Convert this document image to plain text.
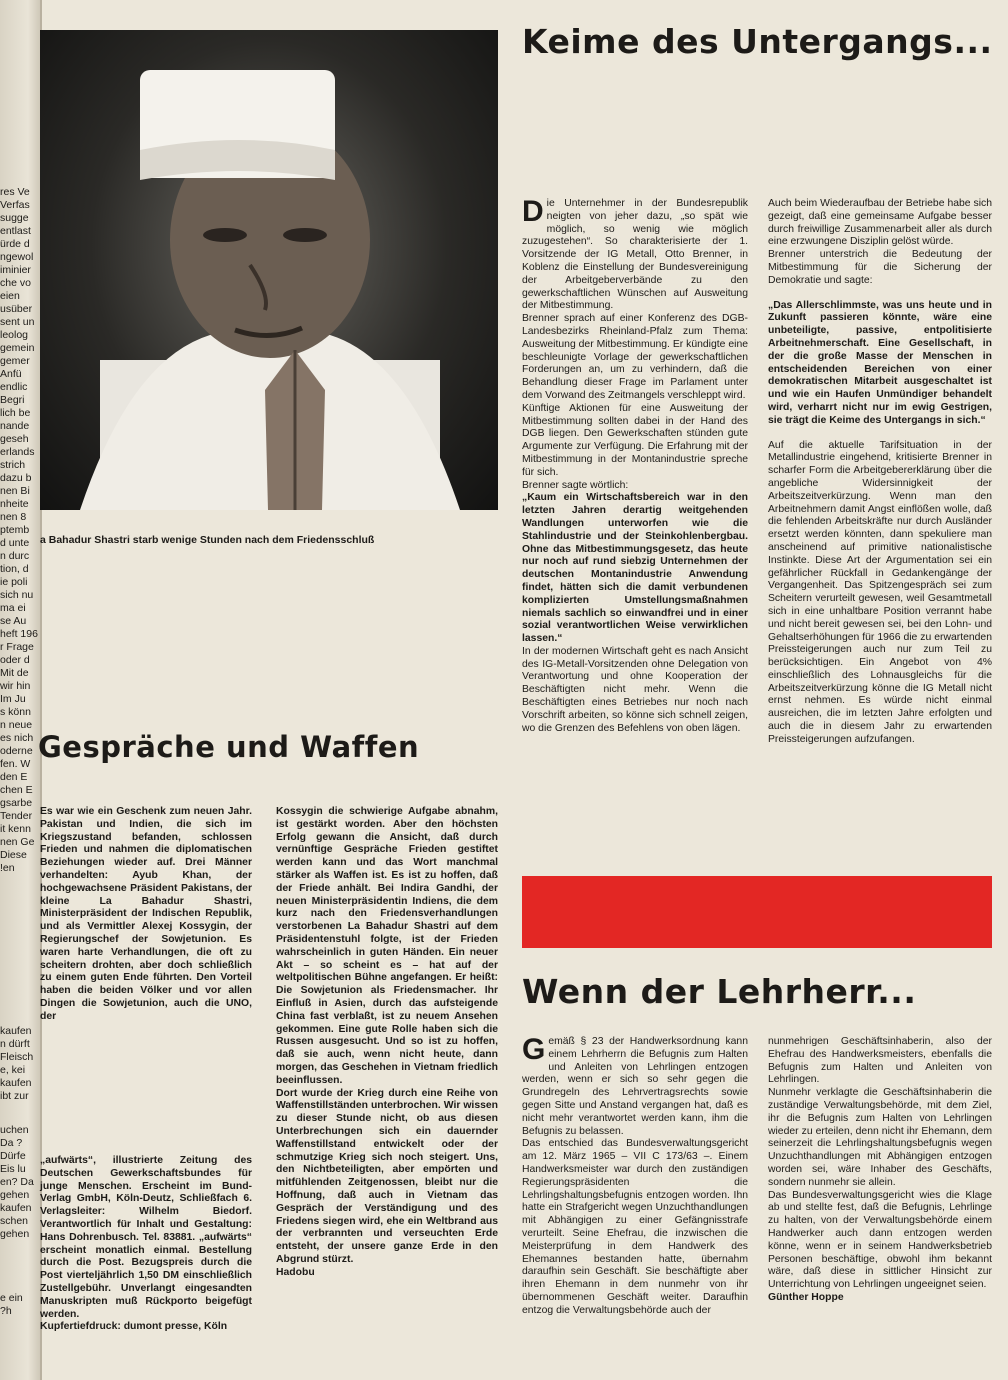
res Ve
Verfas
sugge
entlast
ürde d
ngewol
iminier
che vo
eien
usüber
sent un
leolog
gemein
gemer
Anfü
endlic
Begri
lich be
nande
geseh
erlands
strich
dazu b
nen Bi
nheite
nen 8
ptemb
d unte
n durc
tion, d
ie poli
sich nu
ma ei
se Au
heft 196
r Frage
oder d
Mit de
wir hin
Im Ju
s könn
n neue
es nich
oderne
fen. W
den E
chen E
gsarbe
Tender
it kenn
nen Ge
Diese
en!
kaufen
n dürft
Fleisch
e, kei
kaufen
ibt zur
uchen
? Da
Dürfe
Eis lu
en? Da
gehen
kaufen
schen
gehen
e ein
h?
a Bahadur Shastri starb wenige Stunden nach dem Friedensschluß
Keime des Untergangs...
Gespräche und Waffen
Wenn der Lehrherr...
D ie Unternehmer in der Bundesrepublik neigten von jeher dazu, „so spät wie möglich, so wenig wie möglich zuzugestehen“. So charakterisierte der 1. Vorsitzende der IG Metall, Otto Brenner, in Koblenz die Einstellung der Bundesvereinigung der Arbeitgeberverbände zu den gewerkschaftlichen Wünschen auf Ausweitung der Mitbestimmung.

Brenner sprach auf einer Konferenz des DGB-Landesbezirks Rheinland-Pfalz zum Thema: Ausweitung der Mitbestimmung. Er kündigte eine beschleunigte Vorlage der gewerkschaftlichen Forderungen an, um zu verhindern, daß die Behandlung dieser Frage im Parlament unter dem Vorwand des Zeitmangels verschleppt wird.

Künftige Aktionen für eine Ausweitung der Mitbestimmung sollten dabei in der Hand des DGB liegen. Den Gewerkschaften stünden gute Argumente zur Verfügung. Die Erfahrung mit der Mitbestimmung in der Montanindustrie spreche für sich.

Brenner sagte wörtlich:

„Kaum ein Wirtschaftsbereich war in den letzten Jahren derartig weitgehenden Wandlungen unterworfen wie die Stahlindustrie und der Steinkohlenbergbau. Ohne das Mitbestimmungsgesetz, das heute nur noch auf rund siebzig Unternehmen der deutschen Montanindustrie Anwendung findet, hätten sich die damit verbundenen komplizierten Umstellungsmaßnahmen niemals sachlich so einwandfrei und in einer sozial verantwortlichen Weise verwirklichen lassen.“

In der modernen Wirtschaft geht es nach Ansicht des IG-Metall-Vorsitzenden ohne Delegation von Verantwortung und ohne Kooperation der Beschäftigten nicht mehr. Wenn die Beschäftigten eines Betriebes nur noch nach Vorschrift arbeiten, so könne sich schnell zeigen, wo die Grenzen des Befehlens von oben lägen.

Auch beim Wiederaufbau der Betriebe habe sich gezeigt, daß eine gemeinsame Aufgabe besser durch freiwillige Zusammenarbeit aller als durch eine erzwungene Disziplin gelöst würde.

Brenner unterstrich die Bedeutung der Mitbestimmung für die Sicherung der Demokratie und sagte:

„Das Allerschlimmste, was uns heute und in Zukunft passieren könnte, wäre eine unbeteiligte, passive, entpolitisierte Arbeitnehmerschaft. Eine Gesellschaft, in der die große Masse der Menschen in entscheidenden Bereichen von einer demokratischen Mitarbeit ausgeschaltet ist und wie ein Haufen Unmündiger behandelt wird, verharrt nicht nur im ewig Gestrigen, sie trägt die Keime des Untergangs in sich.“

Auf die aktuelle Tarifsituation in der Metallindustrie eingehend, kritisierte Brenner in scharfer Form die Arbeitgebererklärung über die angebliche Widersinnigkeit der Arbeitszeitverkürzung. Wenn man den Arbeitnehmern damit Angst einflößen wolle, daß die fehlenden Arbeitskräfte nur durch Ausländer ersetzt werden könnten, dann spekuliere man anscheinend auf primitive nationalistische Instinkte. Diese Art der Argumentation sei ein gefährlicher Rückfall in Gedankengänge der Vergangenheit. Das Spitzengespräch sei zum Scheitern verurteilt gewesen, weil Gesamtmetall sich in eine unhaltbare Position verrannt habe und nicht bereit gewesen sei, bei den Lohn- und Gehaltserhöhungen für 1966 die zu erwartenden Preissteigerungen auch nur zum Teil zu berücksichtigen. Ein Angebot von 4% einschließlich des Lohnausgleichs für die Arbeitszeitverkürzung könne die IG Metall nicht ernst nehmen. Es würde nicht einmal ausreichen, die im letzten Jahre erfolgten und auch die in diesem Jahr zu erwartenden Preissteigerungen aufzufangen.

Es war wie ein Geschenk zum neuen Jahr. Pakistan und Indien, die sich im Kriegszustand befanden, schlossen Frieden und nahmen die diplomatischen Beziehungen wieder auf. Drei Männer verhandelten: Ayub Khan, der hochgewachsene Präsident Pakistans, der kleine La Bahadur Shastri, Ministerpräsident der Indischen Republik, und als Vermittler Alexej Kossygin, der Regierungschef der Sowjetunion. Es waren harte Verhandlungen, die oft zu scheitern drohten, aber doch schließlich zu einem guten Ende führten. Den Vorteil haben die beiden Völker und vor allen Dingen die Sowjetunion, auch die UNO, der

„aufwärts“, illustrierte Zeitung des Deutschen Gewerkschaftsbundes für junge Menschen. Erscheint im Bund-Verlag GmbH, Köln-Deutz, Schließfach 6. Verlagsleiter: Wilhelm Biedorf. Verantwortlich für Inhalt und Gestaltung: Hans Dohrenbusch. Tel. 83881. „aufwärts“ erscheint monatlich einmal. Bestellung durch die Post. Bezugspreis durch die Post vierteljährlich 1,50 DM einschließlich Zustellgebühr. Unverlangt eingesandten Manuskripten muß Rückporto beigefügt werden.

Kupfertiefdruck: dumont presse, Köln

Kossygin die schwierige Aufgabe abnahm, ist gestärkt worden. Aber den höchsten Erfolg gewann die Ansicht, daß durch vernünftige Gespräche Frieden gestiftet werden kann und das Wort manchmal stärker als Waffen ist. Es ist zu hoffen, daß der Friede anhält. Bei Indira Gandhi, der neuen Ministerpräsidentin Indiens, die dem kurz nach den Friedensverhandlungen verstorbenen La Bahadur Shastri auf dem Präsidentenstuhl folgte, ist der Frieden wahrscheinlich in guten Händen. Ein neuer Akt – so scheint es – hat auf der weltpolitischen Bühne angefangen. Er heißt: Die Sowjetunion als Friedensmacher. Ihr Einfluß in Asien, durch das aufsteigende China fast verblaßt, ist zu neuem Ansehen gekommen. Eine gute Rolle haben sich die Russen ausgesucht. Und so ist zu hoffen, daß sie auch, wenn nicht heute, dann morgen, das Geschehen in Vietnam friedlich beeinflussen.

Dort wurde der Krieg durch eine Reihe von Waffenstillständen unterbrochen. Wir wissen zu dieser Stunde nicht, ob aus diesen Unterbrechungen sich ein dauernder Waffenstillstand entwickelt oder der schmutzige Krieg sich noch steigert. Uns, den Nichtbeteiligten, aber empörten und mitfühlenden Zeitgenossen, bleibt nur die Hoffnung, daß auch in Vietnam das Gespräch der Verständigung und des Friedens siegen wird, ehe ein Weltbrand aus der verbrannten und verseuchten Erde entsteht, der unsere ganze Erde in den Abgrund stürzt.

Hadobu

G emäß § 23 der Handwerksordnung kann einem Lehrherrn die Befugnis zum Halten und Anleiten von Lehrlingen entzogen werden, wenn er sich so sehr gegen die Grundregeln des Lehrvertragsrechts sowie gegen Sitte und Anstand vergangen hat, daß es nicht mehr verantwortet werden kann, ihm die Befugnis zu belassen.

Das entschied das Bundesverwaltungsgericht am 12. März 1965 – VII C 173/63 –. Einem Handwerksmeister war durch den zuständigen Regierungspräsidenten die Lehrlingshaltungsbefugnis entzogen worden. Ihn hatte ein Strafgericht wegen Unzuchthandlungen mit Abhängigen zu einer Gefängnisstrafe verurteilt. Seine Ehefrau, die inzwischen die Meisterprüfung in dem Handwerk des Ehemannes bestanden hatte, übernahm daraufhin sein Geschäft. Sie beschäftigte aber ihren Ehemann in dem nunmehr von ihr übernommenen Geschäft weiter. Daraufhin entzog die Verwaltungsbehörde auch der

nunmehrigen Geschäftsinhaberin, also der Ehefrau des Handwerksmeisters, ebenfalls die Befugnis zum Halten und Anleiten von Lehrlingen.

Nunmehr verklagte die Geschäftsinhaberin die zuständige Verwaltungsbehörde, mit dem Ziel, ihr die Befugnis zum Halten von Lehrlingen wieder zu erteilen, denn nicht ihr Ehemann, dem seinerzeit die Lehrlingshaltungsbefugnis wegen Unzuchthandlungen mit Abhängigen entzogen worden sei, wäre Inhaber des Geschäfts, sondern nunmehr sie allein.

Das Bundesverwaltungsgericht wies die Klage ab und stellte fest, daß die Befugnis, Lehrlinge zu halten, von der Verwaltungsbehörde einem Handwerker auch dann entzogen werden könne, wenn er in seinem Handwerksbetrieb Personen beschäftige, obwohl ihm bekannt wäre, daß diese in sittlicher Hinsicht zur Unterrichtung von Lehrlingen ungeeignet seien.

Günther Hoppe
